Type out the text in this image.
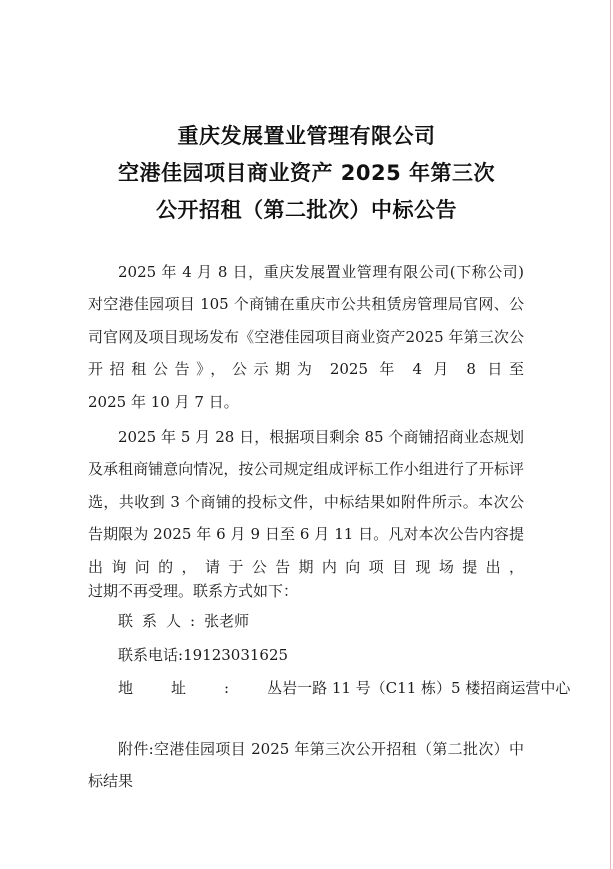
重庆发展置业管理有限公司
空港佳园项目商业资产 2025 年第三次
公开招租（第二批次）中标公告
2025 年 4 月 8 日，重庆发展置业管理有限公司(下称公司)对空港佳园项目 105 个商铺在重庆市公共租赁房管理局官网、公司官网及项目现场发布《空港佳园项目商业资产2025 年第三次公开招租公告》，公示期为 2025 年 4 月 8 日至
2025 年 10 月 7 日。
2025 年 5 月 28 日，根据项目剩余 85 个商铺招商业态规划及承租商铺意向情况，按公司规定组成评标工作小组进行了开标评选，共收到 3 个商铺的投标文件，中标结果如附件所示。本次公告期限为 2025 年 6 月 9 日至 6 月 11 日。凡对本次公告内容提出询问的，请于公告期内向项目现场提出，
过期不再受理。联系方式如下：
联系人:张老师
联系电话:19123031625
地址:丛岩一路 11 号（C11 栋）5 楼招商运营中心
附件:空港佳园项目 2025 年第三次公开招租（第二批次）中标结果
